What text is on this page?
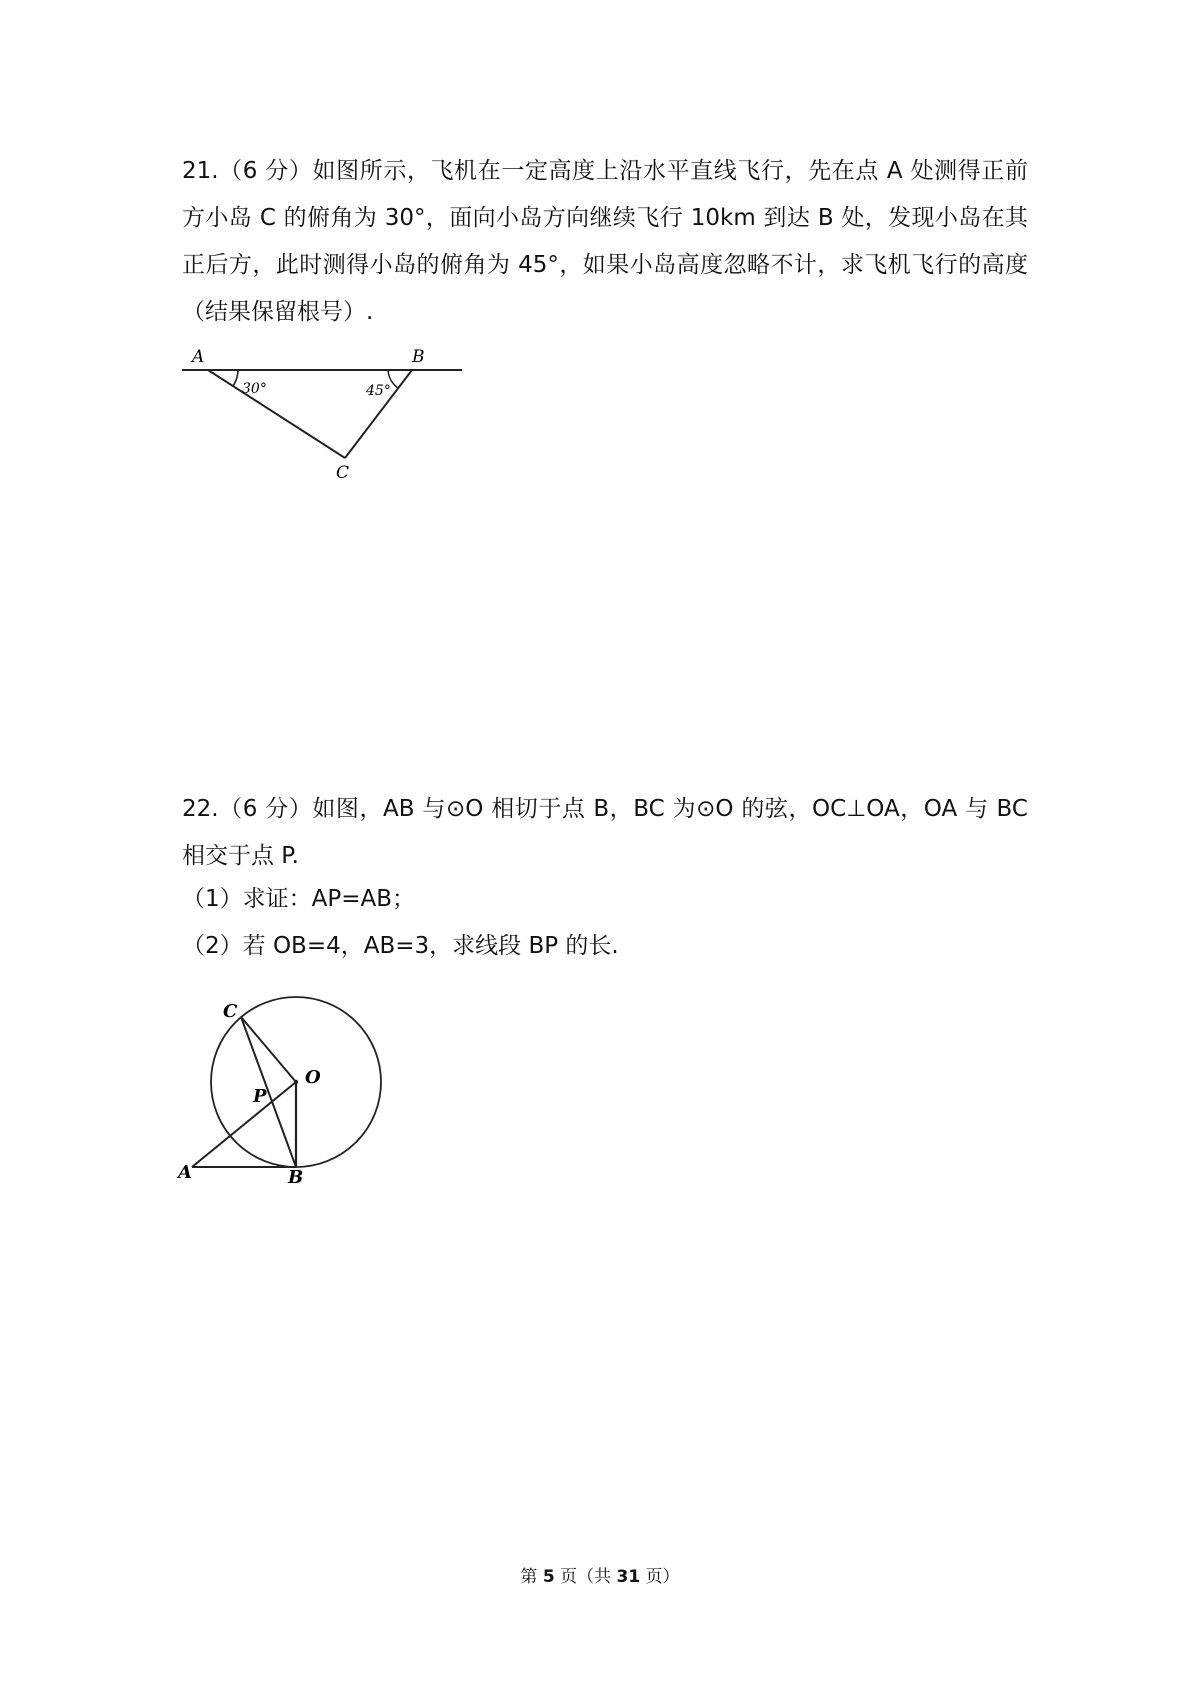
21.（6 分）如图所示，飞机在一定高度上沿水平直线飞行，先在点 A 处测得正前方小岛 C 的俯角为 30°，面向小岛方向继续飞行 10km 到达 B 处，发现小岛在其正后方，此时测得小岛的俯角为 45°，如果小岛高度忽略不计，求飞机飞行的高度（结果保留根号）.

A	B
C
30°	45°

22.（6 分）如图，AB 与⊙O 相切于点 B，BC 为⊙O 的弦，OC⊥OA，OA 与 BC 相交于点 P.

（1）求证：AP=AB；

（2）若 OB=4，AB=3，求线段 BP 的长.

C
O
P
A	B
第 5 页（共 31 页）
